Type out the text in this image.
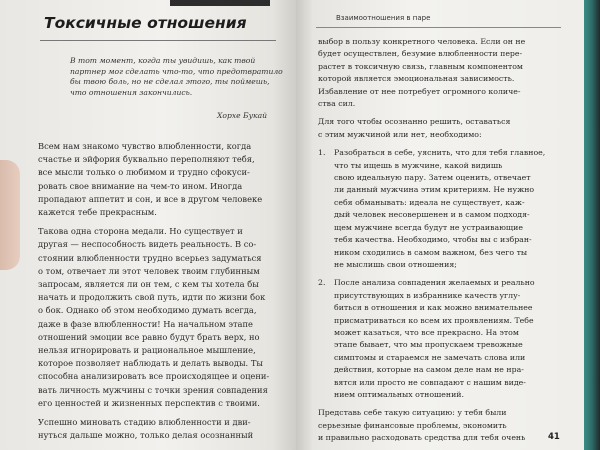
Токсичные отношения
В тот момент, когда ты увидишь, как твой
партнер мог сделать что-то, что предотвратило
бы твою боль, но не сделал этого, ты поймешь,
что отношения закончились.
Хорхе Букай
Всем нам знакомо чувство влюбленности, когда
счастье и эйфория буквально переполняют тебя,
все мысли только о любимом и трудно сфокуси-
ровать свое внимание на чем-то ином. Иногда
пропадают аппетит и сон, и все в другом человеке
кажется тебе прекрасным.
Такова одна сторона медали. Но существует и
другая — неспособность видеть реальность. В со-
стоянии влюбленности трудно всерьез задуматься
о том, отвечает ли этот человек твоим глубинным
запросам, является ли он тем, с кем ты хотела бы
начать и продолжить свой путь, идти по жизни бок
о бок. Однако об этом необходимо думать всегда,
даже в фазе влюбленности! На начальном этапе
отношений эмоции все равно будут брать верх, но
нельзя игнорировать и рациональное мышление,
которое позволяет наблюдать и делать выводы. Ты
способна анализировать все происходящее и оцени-
вать личность мужчины с точки зрения совпадения
его ценностей и жизненных перспектив с твоими.
Успешно миновать стадию влюбленности и дви-
нуться дальше можно, только делая осознанный
Взаимоотношения в паре
выбор в пользу конкретного человека. Если он не
будет осуществлен, безумие влюбленности пере-
растет в токсичную связь, главным компонентом
которой является эмоциональная зависимость.
Избавление от нее потребует огромного количе-
ства сил.
Для того чтобы осознанно решить, оставаться
с этим мужчиной или нет, необходимо:
1. Разобраться в себе, уяснить, что для тебя главное,
что ты ищешь в мужчине, какой видишь
свою идеальную пару. Затем оценить, отвечает
ли данный мужчина этим критериям. Не нужно
себя обманывать: идеала не существует, каж-
дый человек несовершенен и в самом подходя-
щем мужчине всегда будут не устраивающие
тебя качества. Необходимо, чтобы вы с избран-
ником сходились в самом важном, без чего ты
не мыслишь свои отношения;
2. После анализа совпадения желаемых и реально
присутствующих в избраннике качеств углу-
биться в отношения и как можно внимательнее
присматриваться ко всем их проявлениям. Тебе
может казаться, что все прекрасно. На этом
этапе бывает, что мы пропускаем тревожные
симптомы и стараемся не замечать слова или
действия, которые на самом деле нам не нра-
вятся или просто не совпадают с нашим виде-
нием оптимальных отношений.
Представь себе такую ситуацию: у тебя были
серьезные финансовые проблемы, экономить
и правильно расходовать средства для тебя очень	41
